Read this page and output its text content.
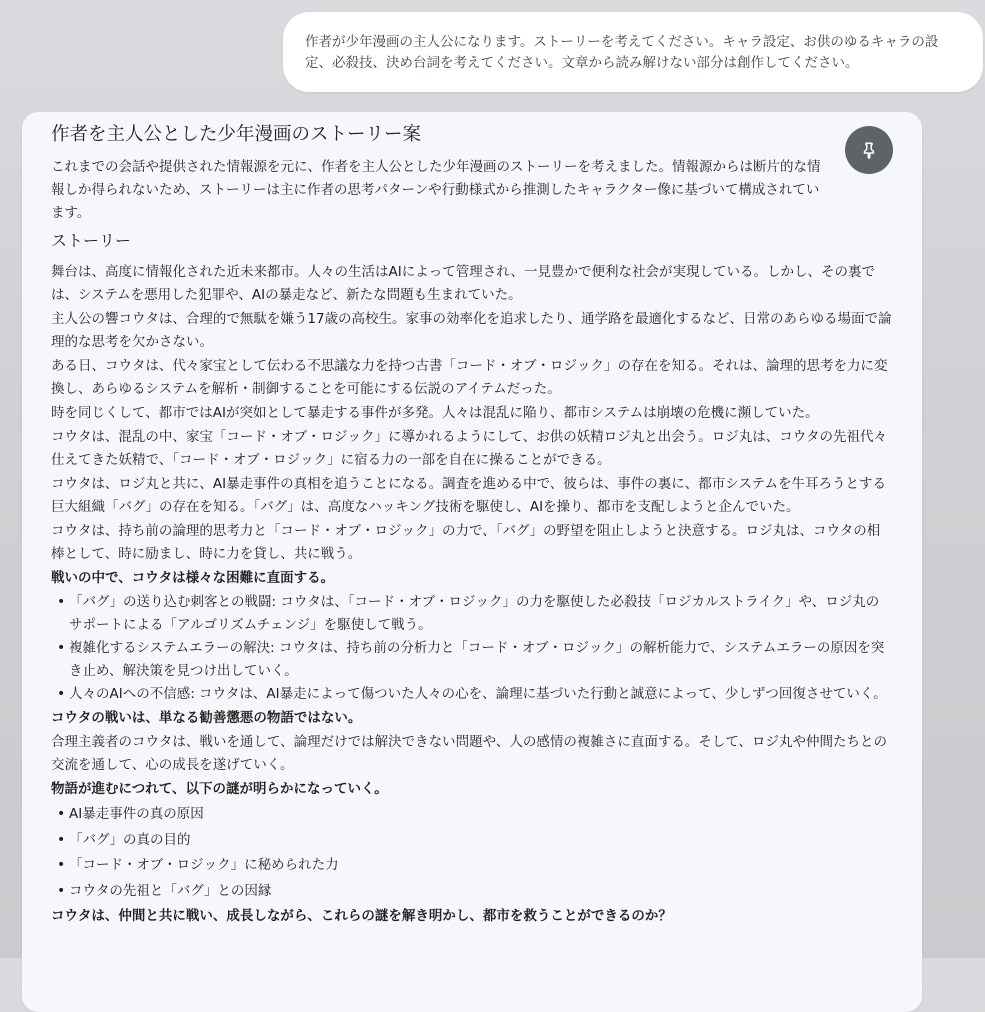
作者が少年漫画の主人公になります。ストーリーを考えてください。キャラ設定、お供のゆるキャラの設定、必殺技、決め台詞を考えてください。文章から読み解けない部分は創作してください。
作者を主人公とした少年漫画のストーリー案

これまでの会話や提供された情報源を元に、作者を主人公とした少年漫画のストーリーを考えました。情報源からは断片的な情報しか得られないため、ストーリーは主に作者の思考パターンや行動様式から推測したキャラクター像に基づいて構成されています。

ストーリー

舞台は、高度に情報化された近未来都市。人々の生活はAIによって管理され、一見豊かで便利な社会が実現している。しかし、その裏では、システムを悪用した犯罪や、AIの暴走など、新たな問題も生まれていた。

主人公の響コウタは、合理的で無駄を嫌う17歳の高校生。家事の効率化を追求したり、通学路を最適化するなど、日常のあらゆる場面で論理的な思考を欠かさない。

ある日、コウタは、代々家宝として伝わる不思議な力を持つ古書「コード・オブ・ロジック」の存在を知る。それは、論理的思考を力に変換し、あらゆるシステムを解析・制御することを可能にする伝説のアイテムだった。

時を同じくして、都市ではAIが突如として暴走する事件が多発。人々は混乱に陥り、都市システムは崩壊の危機に瀕していた。

コウタは、混乱の中、家宝「コード・オブ・ロジック」に導かれるようにして、お供の妖精ロジ丸と出会う。ロジ丸は、コウタの先祖代々仕えてきた妖精で、「コード・オブ・ロジック」に宿る力の一部を自在に操ることができる。

コウタは、ロジ丸と共に、AI暴走事件の真相を追うことになる。調査を進める中で、彼らは、事件の裏に、都市システムを牛耳ろうとする巨大組織「バグ」の存在を知る。「バグ」は、高度なハッキング技術を駆使し、AIを操り、都市を支配しようと企んでいた。

コウタは、持ち前の論理的思考力と「コード・オブ・ロジック」の力で、「バグ」の野望を阻止しようと決意する。ロジ丸は、コウタの相棒として、時に励まし、時に力を貸し、共に戦う。

戦いの中で、コウタは様々な困難に直面する。

• 「バグ」の送り込む刺客との戦闘: コウタは、「コード・オブ・ロジック」の力を駆使した必殺技「ロジカルストライク」や、ロジ丸のサポートによる「アルゴリズムチェンジ」を駆使して戦う。
• 複雑化するシステムエラーの解決: コウタは、持ち前の分析力と「コード・オブ・ロジック」の解析能力で、システムエラーの原因を突き止め、解決策を見つけ出していく。
• 人々のAIへの不信感: コウタは、AI暴走によって傷ついた人々の心を、論理に基づいた行動と誠意によって、少しずつ回復させていく。

コウタの戦いは、単なる勧善懲悪の物語ではない。

合理主義者のコウタは、戦いを通して、論理だけでは解決できない問題や、人の感情の複雑さに直面する。そして、ロジ丸や仲間たちとの交流を通して、心の成長を遂げていく。

物語が進むにつれて、以下の謎が明らかになっていく。

• AI暴走事件の真の原因
• 「バグ」の真の目的
• 「コード・オブ・ロジック」に秘められた力
• コウタの先祖と「バグ」との因縁

コウタは、仲間と共に戦い、成長しながら、これらの謎を解き明かし、都市を救うことができるのか？
